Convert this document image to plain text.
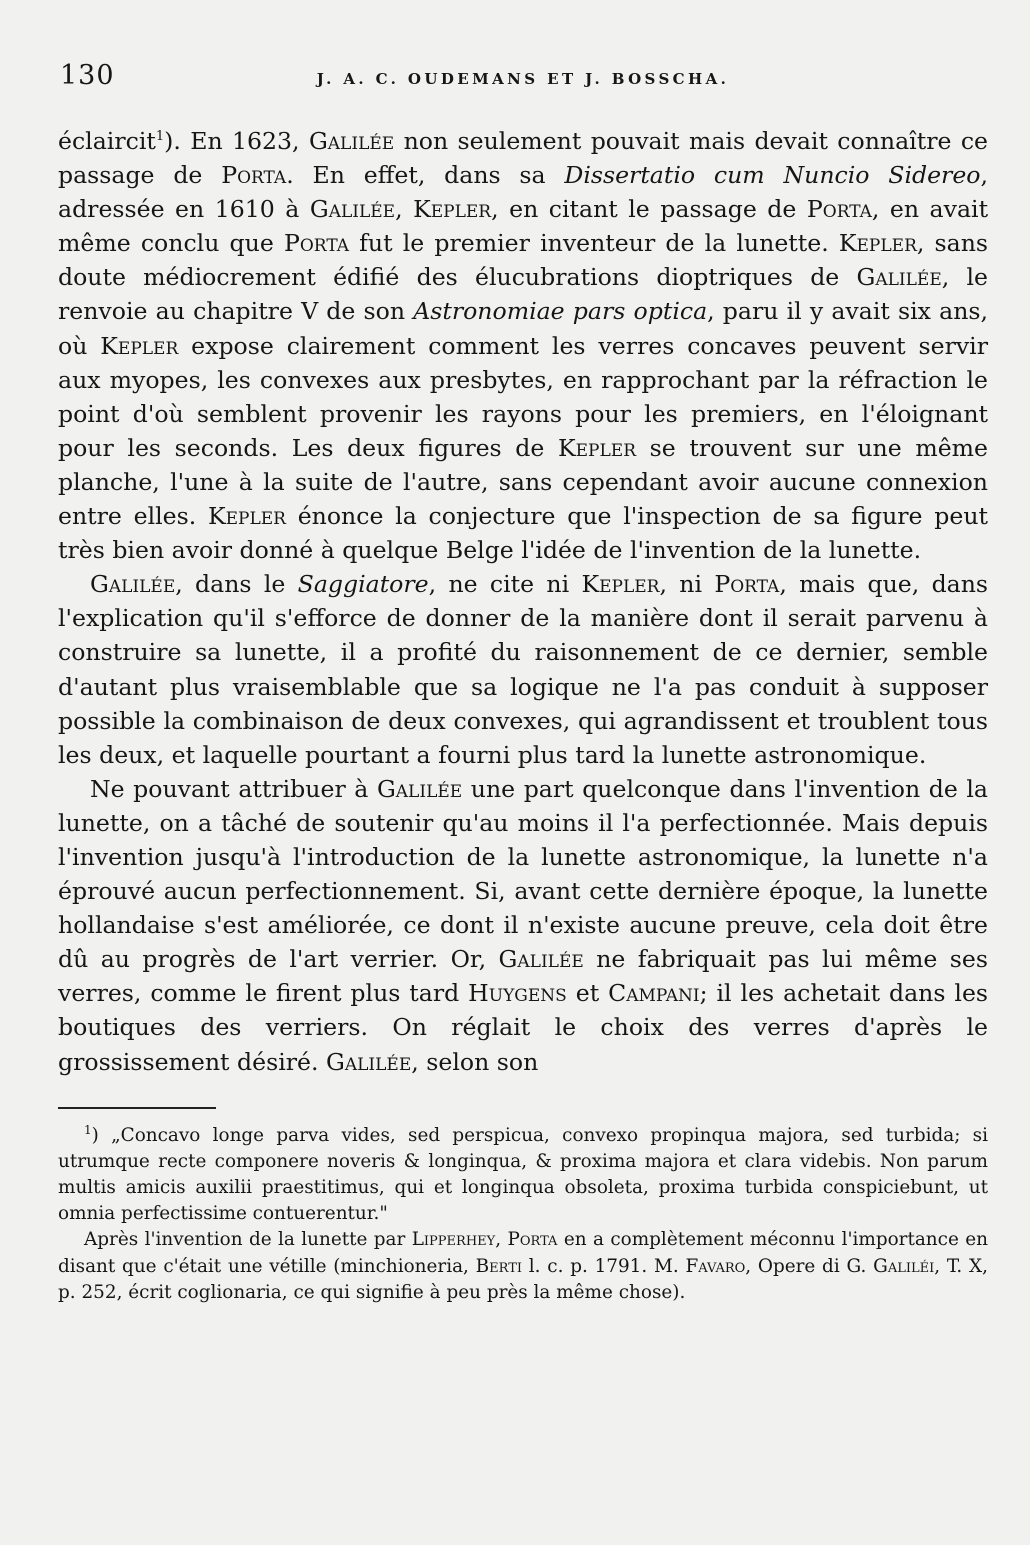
130	J. A. C. OUDEMANS ET J. BOSSCHA.

éclaircit$^1$). En 1623, Galilée non seulement pouvait mais devait connaître ce passage de Porta. En effet, dans sa Dissertatio cum Nuncio Sidereo, adressée en 1610 à Galilée, Kepler, en citant le passage de Porta, en avait même conclu que Porta fut le premier inventeur de la lunette. Kepler, sans doute médiocrement édifié des élucubrations dioptriques de Galilée, le renvoie au chapitre V de son Astronomiae pars optica, paru il y avait six ans, où Kepler expose clairement comment les verres concaves peuvent servir aux myopes, les convexes aux presbytes, en rapprochant par la réfraction le point d'où semblent provenir les rayons pour les premiers, en l'éloignant pour les seconds. Les deux figures de Kepler se trouvent sur une même planche, l'une à la suite de l'autre, sans cependant avoir aucune connexion entre elles. Kepler énonce la conjecture que l'inspection de sa figure peut très bien avoir donné à quelque Belge l'idée de l'invention de la lunette.

Galilée, dans le Saggiatore, ne cite ni Kepler, ni Porta, mais que, dans l'explication qu'il s'efforce de donner de la manière dont il serait parvenu à construire sa lunette, il a profité du raisonnement de ce dernier, semble d'autant plus vraisemblable que sa logique ne l'a pas conduit à supposer possible la combinaison de deux convexes, qui agrandissent et troublent tous les deux, et laquelle pourtant a fourni plus tard la lunette astronomique.

Ne pouvant attribuer à Galilée une part quelconque dans l'invention de la lunette, on a tâché de soutenir qu'au moins il l'a perfectionnée. Mais depuis l'invention jusqu'à l'introduction de la lunette astronomique, la lunette n'a éprouvé aucun perfectionnement. Si, avant cette dernière époque, la lunette hollandaise s'est améliorée, ce dont il n'existe aucune preuve, cela doit être dû au progrès de l'art verrier. Or, Galilée ne fabriquait pas lui même ses verres, comme le firent plus tard Huygens et Campani; il les achetait dans les boutiques des verriers. On réglait le choix des verres d'après le grossissement désiré. Galilée, selon son

$^1$) „Concavo longe parva vides, sed perspicua, convexo propinqua majora, sed turbida; si utrumque recte componere noveris & longinqua, & proxima majora et clara videbis. Non parum multis amicis auxilii praestitimus, qui et longinqua obsoleta, proxima turbida conspiciebunt, ut omnia perfectissime contuerentur."

Après l'invention de la lunette par Lipperhey, Porta en a complètement méconnu l'importance en disant que c'était une vétille (minchioneria, Berti l. c. p. 1791. M. Favaro, Opere di G. Galiléi, T. X, p. 252, écrit coglionaria, ce qui signifie à peu près la même chose).
